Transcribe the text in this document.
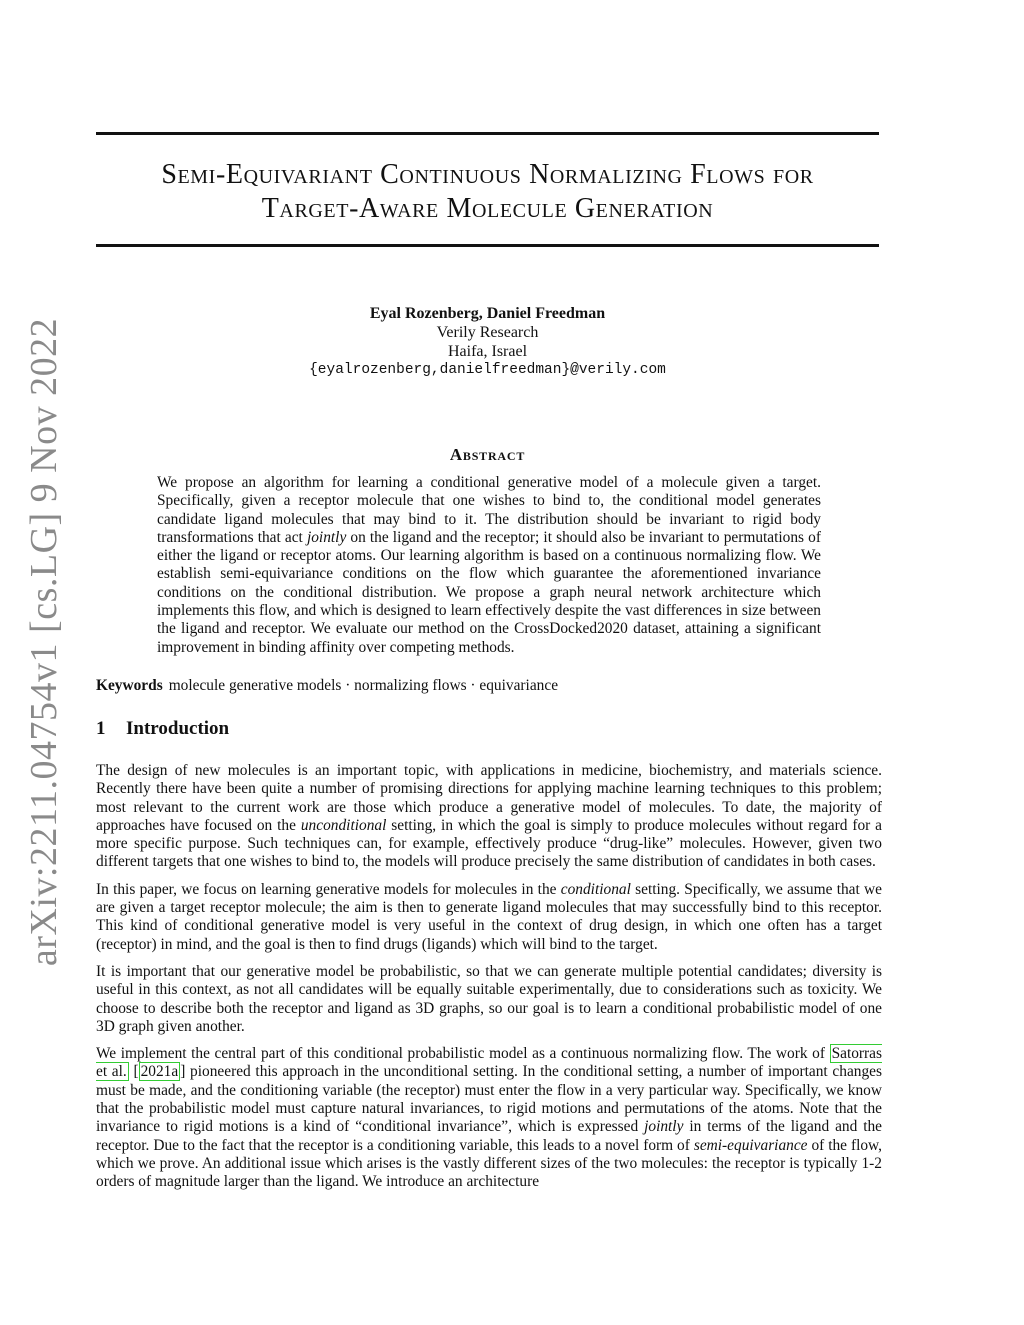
arXiv:2211.04754v1 [cs.LG] 9 Nov 2022
Semi-Equivariant Continuous Normalizing Flows for
Target-Aware Molecule Generation
Eyal Rozenberg, Daniel Freedman
Verily Research
Haifa, Israel
{eyalrozenberg,danielfreedman}@verily.com
Abstract

We propose an algorithm for learning a conditional generative model of a molecule given a target. Specifically, given a receptor molecule that one wishes to bind to, the conditional model generates candidate ligand molecules that may bind to it. The distribution should be invariant to rigid body transformations that act jointly on the ligand and the receptor; it should also be invariant to permutations of either the ligand or receptor atoms. Our learning algorithm is based on a continuous normalizing flow. We establish semi-equivariance conditions on the flow which guarantee the aforementioned invariance conditions on the conditional distribution. We propose a graph neural network architecture which implements this flow, and which is designed to learn effectively despite the vast differences in size between the ligand and receptor. We evaluate our method on the CrossDocked2020 dataset, attaining a significant improvement in binding affinity over competing methods.

Keywords molecule generative models · normalizing flows · equivariance

1 Introduction

The design of new molecules is an important topic, with applications in medicine, biochemistry, and materials science. Recently there have been quite a number of promising directions for applying machine learning techniques to this problem; most relevant to the current work are those which produce a generative model of molecules. To date, the majority of approaches have focused on the unconditional setting, in which the goal is simply to produce molecules without regard for a more specific purpose. Such techniques can, for example, effectively produce “drug-like” molecules. However, given two different targets that one wishes to bind to, the models will produce precisely the same distribution of candidates in both cases.

In this paper, we focus on learning generative models for molecules in the conditional setting. Specifically, we assume that we are given a target receptor molecule; the aim is then to generate ligand molecules that may successfully bind to this receptor. This kind of conditional generative model is very useful in the context of drug design, in which one often has a target (receptor) in mind, and the goal is then to find drugs (ligands) which will bind to the target.

It is important that our generative model be probabilistic, so that we can generate multiple potential candidates; diversity is useful in this context, as not all candidates will be equally suitable experimentally, due to considerations such as toxicity. We choose to describe both the receptor and ligand as 3D graphs, so our goal is to learn a conditional probabilistic model of one 3D graph given another.

We implement the central part of this conditional probabilistic model as a continuous normalizing flow. The work of Satorras et al. [ 2021a ] pioneered this approach in the unconditional setting. In the conditional setting, a number of important changes must be made, and the conditioning variable (the receptor) must enter the flow in a very particular way. Specifically, we know that the probabilistic model must capture natural invariances, to rigid motions and permutations of the atoms. Note that the invariance to rigid motions is a kind of “conditional invariance”, which is expressed jointly in terms of the ligand and the receptor. Due to the fact that the receptor is a conditioning variable, this leads to a novel form of semi-equivariance of the flow, which we prove. An additional issue which arises is the vastly different sizes of the two molecules: the receptor is typically 1-2 orders of magnitude larger than the ligand. We introduce an architecture
